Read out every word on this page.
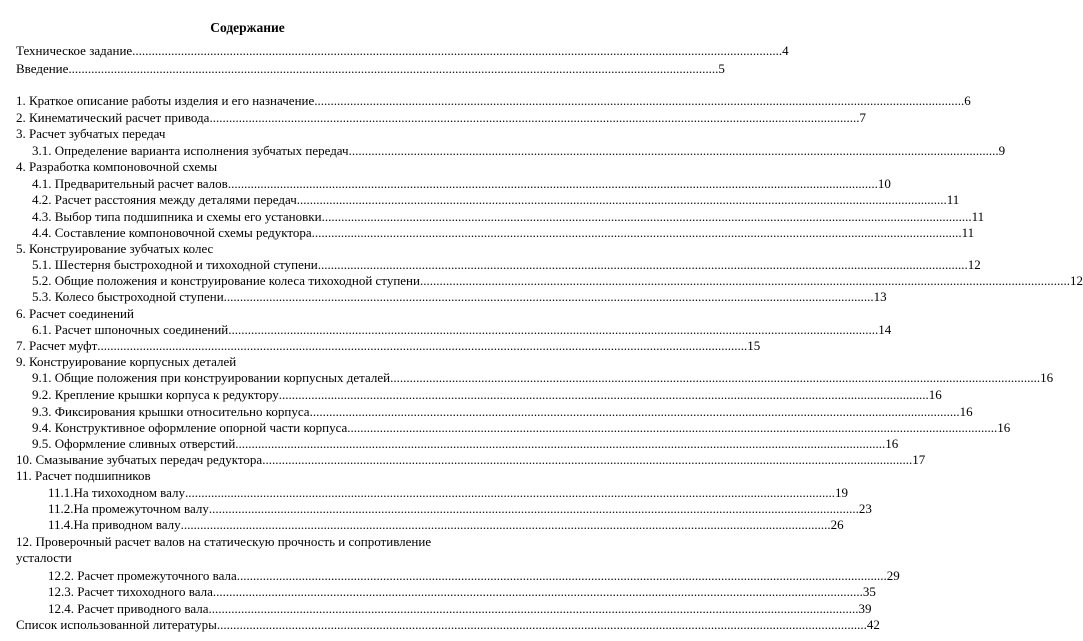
Содержание
Техническое задание ........................................................................................................................................................................................................ 4
Введение ........................................................................................................................................................................................................ 5
1. Краткое описание работы изделия и его назначение ........................................................................................................................................................................................................ 6
2. Кинематический расчет привода ........................................................................................................................................................................................................ 7
3. Расчет зубчатых передач
3.1. Определение варианта исполнения зубчатых передач ........................................................................................................................................................................................................ 9
4. Разработка компоновочной схемы
4.1. Предварительный расчет валов ........................................................................................................................................................................................................ 10
4.2. Расчет расстояния между деталями передач ........................................................................................................................................................................................................ 11
4.3. Выбор типа подшипника и схемы его установки ........................................................................................................................................................................................................ 11
4.4. Составление компоновочной схемы редуктора ........................................................................................................................................................................................................ 11
5. Конструирование зубчатых колес
5.1. Шестерня быстроходной и тихоходной ступени ........................................................................................................................................................................................................ 12
5.2. Общие положения и конструирование колеса тихоходной ступени ........................................................................................................................................................................................................ 12
5.3. Колесо быстроходной ступени ........................................................................................................................................................................................................ 13
6. Расчет соединений
6.1. Расчет шпоночных соединений ........................................................................................................................................................................................................ 14
7. Расчет муфт ........................................................................................................................................................................................................ 15
9. Конструирование корпусных деталей
9.1. Общие положения при конструировании корпусных деталей ........................................................................................................................................................................................................ 16
9.2. Крепление крышки корпуса к редуктору ........................................................................................................................................................................................................ 16
9.3. Фиксирования крышки относительно корпуса ........................................................................................................................................................................................................ 16
9.4. Конструктивное оформление опорной части корпуса ........................................................................................................................................................................................................ 16
9.5. Оформление сливных отверстий ........................................................................................................................................................................................................ 16
10. Смазывание зубчатых передач редуктора ........................................................................................................................................................................................................ 17
11. Расчет подшипников
11.1.На тихоходном валу ........................................................................................................................................................................................................ 19
11.2.На промежуточном валу ........................................................................................................................................................................................................ 23
11.4.На приводном валу ........................................................................................................................................................................................................ 26
12. Проверочный расчет валов на статическую прочность и сопротивление
усталости
12.2. Расчет промежуточного вала ........................................................................................................................................................................................................ 29
12.3. Расчет тихоходного вала ........................................................................................................................................................................................................ 35
12.4. Расчет приводного вала ........................................................................................................................................................................................................ 39
Список использованной литературы ........................................................................................................................................................................................................ 42
